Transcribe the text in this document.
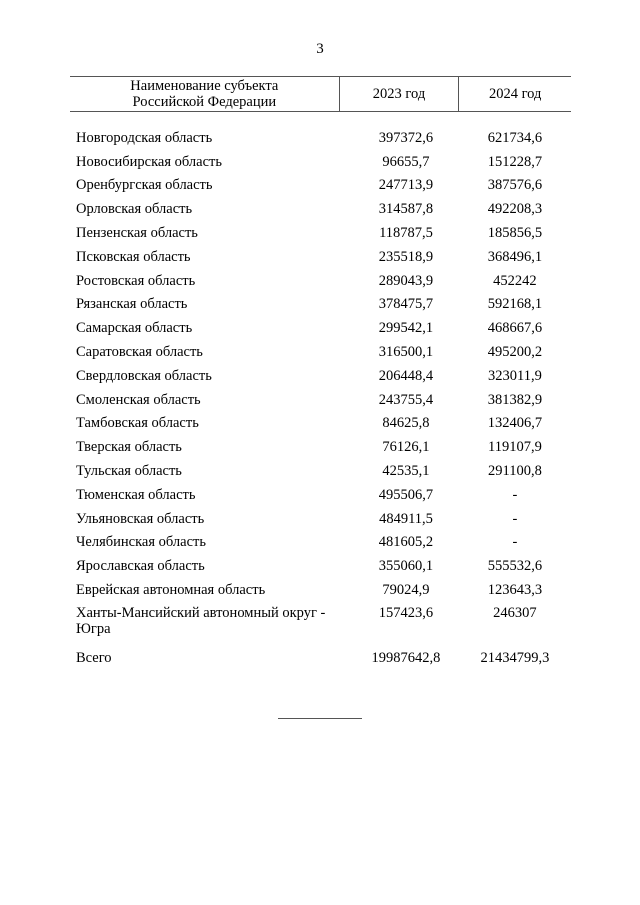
3
Наименование субъекта
Российской Федерации	2023 год	2024 год

Новгородская область	397372,6	621734,6
Новосибирская область	96655,7	151228,7
Оренбургская область	247713,9	387576,6
Орловская область	314587,8	492208,3
Пензенская область	118787,5	185856,5
Псковская область	235518,9	368496,1
Ростовская область	289043,9	452242
Рязанская область	378475,7	592168,1
Самарская область	299542,1	468667,6
Саратовская область	316500,1	495200,2
Свердловская область	206448,4	323011,9
Смоленская область	243755,4	381382,9
Тамбовская область	84625,8	132406,7
Тверская область	76126,1	119107,9
Тульская область	42535,1	291100,8
Тюменская область	495506,7	-
Ульяновская область	484911,5	-
Челябинская область	481605,2	-
Ярославская область	355060,1	555532,6
Еврейская автономная область	79024,9	123643,3
Ханты-Мансийский автономный округ -
Югра	157423,6	246307
Всего	19987642,8	21434799,3
